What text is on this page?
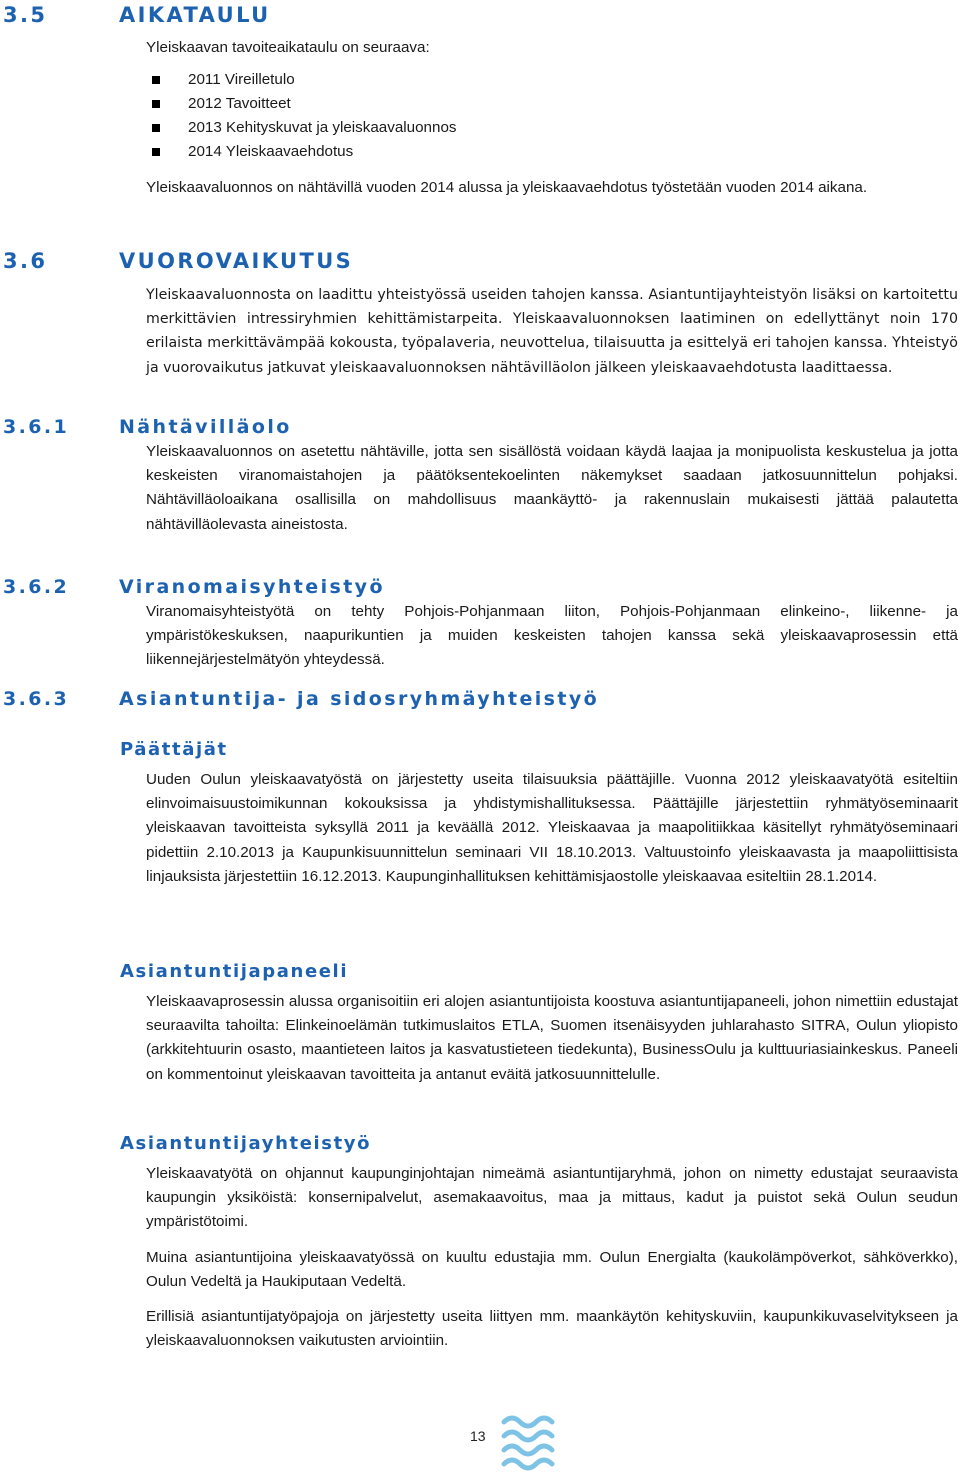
3.5	AIKATAULU

Yleiskaavan tavoiteaikataulu on seuraava:

2011 Vireilletulo
2012 Tavoitteet
2013 Kehityskuvat ja yleiskaavaluonnos
2014 Yleiskaavaehdotus

Yleiskaavaluonnos on nähtävillä vuoden 2014 alussa ja yleiskaavaehdotus työstetään vuoden 2014 aikana.

3.6	VUOROVAIKUTUS

Yleiskaavaluonnosta on laadittu yhteistyössä useiden tahojen kanssa. Asiantuntijayhteistyön lisäksi on kartoitettu merkittävien intressiryhmien kehittämistarpeita. Yleiskaavaluonnoksen laatiminen on edellyttänyt noin 170 erilaista merkittävämpää kokousta, työpalaveria, neuvottelua, tilaisuutta ja esittelyä eri tahojen kanssa. Yhteistyö ja vuorovaikutus jatkuvat yleiskaavaluonnoksen nähtävilläolon jälkeen yleiskaavaehdotusta laadittaessa.

3.6.1	Nähtävilläolo

Yleiskaavaluonnos on asetettu nähtäville, jotta sen sisällöstä voidaan käydä laajaa ja monipuolista keskustelua ja jotta keskeisten viranomaistahojen ja päätöksentekoelinten näkemykset saadaan jatkosuunnittelun pohjaksi. Nähtävilläoloaikana osallisilla on mahdollisuus maankäyttö- ja rakennuslain mukaisesti jättää palautetta nähtävilläolevasta aineistosta.

3.6.2	Viranomaisyhteistyö

Viranomaisyhteistyötä on tehty Pohjois-Pohjanmaan liiton, Pohjois-Pohjanmaan elinkeino-, liikenne- ja ympäristökeskuksen, naapurikuntien ja muiden keskeisten tahojen kanssa sekä yleiskaavaprosessin että liikennejärjestelmätyön yhteydessä.

3.6.3	Asiantuntija- ja sidosryhmäyhteistyö
Päättäjät

Uuden Oulun yleiskaavatyöstä on järjestetty useita tilaisuuksia päättäjille. Vuonna 2012 yleiskaavatyötä esiteltiin elinvoimaisuustoimikunnan kokouksissa ja yhdistymishallituksessa. Päättäjille järjestettiin ryhmätyöseminaarit yleiskaavan tavoitteista syksyllä 2011 ja keväällä 2012. Yleiskaavaa ja maapolitiikkaa käsitellyt ryhmätyöseminaari pidettiin 2.10.2013 ja Kaupunkisuunnittelun seminaari VII 18.10.2013. Valtuustoinfo yleiskaavasta ja maapoliittisista linjauksista järjestettiin 16.12.2013. Kaupunginhallituksen kehittämisjaostolle yleiskaavaa esiteltiin 28.1.2014.

Asiantuntijapaneeli

Yleiskaavaprosessin alussa organisoitiin eri alojen asiantuntijoista koostuva asiantuntijapaneeli, johon nimettiin edustajat seuraavilta tahoilta: Elinkeinoelämän tutkimuslaitos ETLA, Suomen itsenäisyyden juhlarahasto SITRA, Oulun yliopisto (arkkitehtuurin osasto, maantieteen laitos ja kasvatustieteen tiedekunta), BusinessOulu ja kulttuuriasiainkeskus. Paneeli on kommentoinut yleiskaavan tavoitteita ja antanut eväitä jatkosuunnittelulle.

Asiantuntijayhteistyö

Yleiskaavatyötä on ohjannut kaupunginjohtajan nimeämä asiantuntijaryhmä, johon on nimetty edustajat seuraavista kaupungin yksiköistä: konsernipalvelut, asemakaavoitus, maa ja mittaus, kadut ja puistot sekä Oulun seudun ympäristötoimi.

Muina asiantuntijoina yleiskaavatyössä on kuultu edustajia mm. Oulun Energialta (kaukolämpöverkot, sähköverkko), Oulun Vedeltä ja Haukiputaan Vedeltä.

Erillisiä asiantuntijatyöpajoja on järjestetty useita liittyen mm. maankäytön kehityskuviin, kaupunkikuvaselvitykseen ja yleiskaavaluonnoksen vaikutusten arviointiin.

13
